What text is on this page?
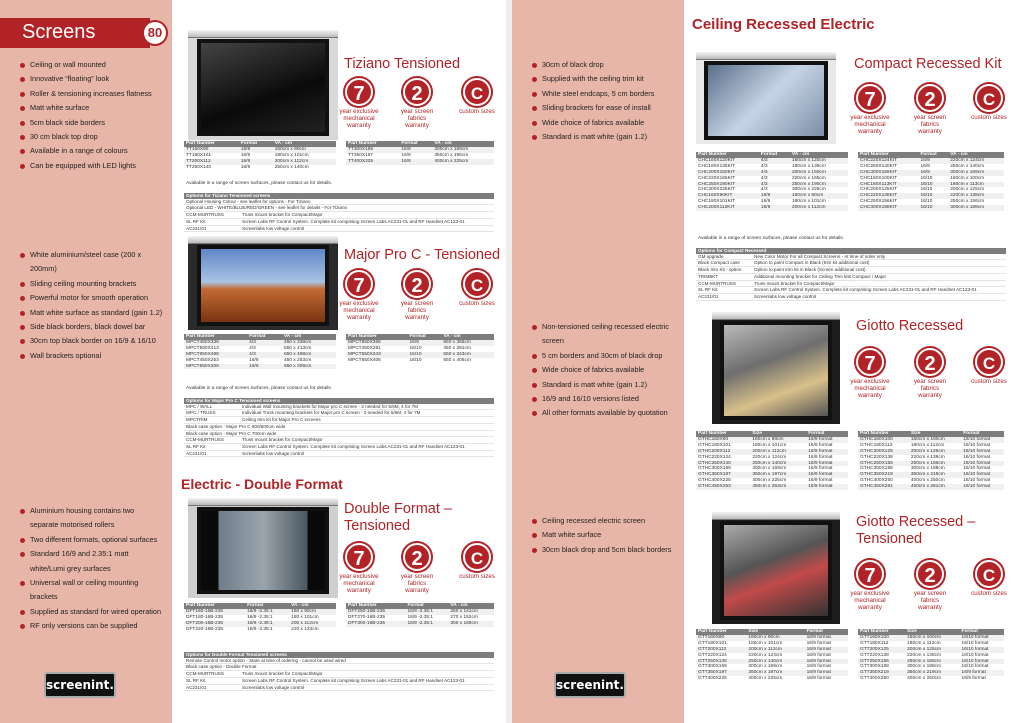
Screens	80
Ceiling or wall mounted
Innovative “floating” look
Roller & tensioning increases flatness
Matt white surface
5cm black side borders
30 cm black top drop
Available in a range of colours
Can be equipped with LED lights
White aluminium/steel case (200 x 200mm)
Sliding ceiling mounting brackets
Powerful motor for smooth operation
Matt white surface as standard (gain 1.2)
Side black borders, black dowel bar
30cm top black border on 16/9 & 16/10
Wall brackets optional
Aluminium housing contains two separate motorised rollers
Two different formats, optional surfaces
Standard 16/9 and 2.35:1 matt white/Lumi grey surfaces
Universal wall or ceiling mounting brackets
Supplied as standard for wired operation
RF only versions can be supplied
30cm of black drop
Supplied with the ceiling trim kit
White steel endcaps, 5 cm borders
Sliding brackets for ease of install
Wide choice of fabrics available
Standard is matt white (gain 1.2)
Non-tensioned ceiling recessed electric screen
5 cm borders and 30cm of black drop
Wide choice of fabrics available
Standard is matt white (gain 1.2)
16/9 and 16/10 versions listed
All other formats available by quotation
Ceiling recessed electric screen
Matt white surface
30cm black drop and 5cm black borders
screenint.	screenint.
Electric - Double Format
Ceiling Recessed Electric
Tiziano Tensioned
Major Pro C - Tensioned
Double Format – Tensioned
Compact Recessed Kit
Giotto Recessed
Giotto Recessed – Tensioned
7
year exclusive mechanical warranty
2
year screen fabrics warranty
C
custom sizes
7
year exclusive mechanical warranty
2
year screen fabrics warranty
C
custom sizes
7
year exclusive mechanical warranty
2
year screen fabrics warranty
C
custom sizes
7
year exclusive mechanical warranty
2
year screen fabrics warranty
C
custom sizes
7
year exclusive mechanical warranty
2
year screen fabrics warranty
C
custom sizes
7
year exclusive mechanical warranty
2
year screen fabrics warranty
C
custom sizes
Part Number	Format	VA - cm
TT160X90	16/9	160cm x 90cm
TT180X101	16/9	180cm x 101cm
TT200X112	16/9	200cm x 112cm
TT250X140	16/9	250cm x 140cm
Part Number	Format	VA - cm
TT300X169	16/9	300cm x 169cm
TT350X197	16/9	350cm x 196cm
TT400X225	16/9	400cm x 225cm
Available in a range of screen surfaces, please contact us for details.
Options for Tiziano Tensioned screens
Optional Housing Colour - see leaflet for options - For Tiziano
Optional LED - WHITE/BLUE/RED/GREEN - see leaflet for details - For Tiziano
CCM-MURTRUSS	Truss mount bracket for Compact/Major
SL RF Kit	Screen Labs RF Control System. Complete kit comprising Screen Labs AC231-01 and RF Handset AC123-01
AC231/01	Screenlabs low voltage control
Part Number	Format	VA - cm
MPCT450X338	4/3	450 x 338cm
MPCT550X413	4/3	550 x 413cm
MPCT650X488	4/3	650 x 488cm
MPCT450X253	16/9	450 x 253cm
MPCT550X309	16/9	550 x 309cm
Part Number	Format	VA - cm
MPCT650X366	16/9	650 x 366cm
MPCT450X281	16/10	450 x 281cm
MPCT550X343	16/10	550 x 343cm
MPCT650X406	16/10	650 x 406cm
Available in a range of screen surfaces, please contact us for details.
Options for Major Pro C Tensioned screens
MPC / WALL	Individual Wall mounting brackets for Major pro C screen - 2 needed for 5/6M, 4 for 7M
MPC / TRUSS	Individual Truss mounting brackets for Major pro C screen - 2 needed for 5/6M, 4 for 7M
MPCTRIM	Ceiling trim kit for Major Pro C screens
Black case option - Major Pro C 500/600cm wide
Black case option - Major Pro C 700cm wide
CCM-MURTRUSS	Truss mount bracket for Compact/Major
SL RF Kit	Screen Labs RF Control System. Complete kit comprising Screen Labs AC231-01 and RF Handset AC123-01
AC231/01	Screenlabs low voltage control
Part Number	Format	VA - cm
DFT160-16B-235	16/9 -2.35:1	160 x 90cm
DFT180-16B-235	16/9 -2.35:1	180 x 101cm
DFT200-16B-235	16/9 -2.35:1	200 x 112cm
DFT220-16B-235	16/9 -2.35:1	220 x 124cm
Part Number	Format	VA - cm
DFT250-16B-235	16/9 -2.35:1	250 x 141cm
DFT270-16B-235	16/9 -2.35:1	270 x 152cm
DFT300-16B-235	16/9 -2.35:1	300 x 169cm
Options for Double Format Tensioned screens
Remote Control motor option - State at time of ordering - cannot be used wired
Black case option - Double Format
CCM-MURTRUSS	Truss mount bracket for Compact/Major
SL RF Kit	Screen Labs RF Control System. Complete kit comprising Screen Labs AC231-01 and RF Handset AC123-01
AC231/01	Screenlabs low voltage control
Part Number	Format	VA - cm
CHC160X120KIT	4/3	160cm x 120cm
CHC180X135KIT	4/3	180cm x 135cm
CHC200X150KIT	4/3	200cm x 150cm
CHC220X165KIT	4/3	220cm x 165cm
CHC250X190KIT	4/3	250cm x 190cm
CHC300X225KIT	4/3	300cm x 225cm
CHC160X90KIT	16/9	160cm x 90cm
CHC180X101KIT	16/9	180cm x 101cm
CHC200X112KIT	16/9	200cm x 112cm
Part Number	Format	VA - cm
CHC220X124KIT	16/9	220cm x 124cm
CHC250X140KIT	16/9	250cm x 140cm
CHC300X169KIT	16/9	300cm x 169cm
CHC160X100KIT	16/10	160cm x 100cm
CHC180X113KIT	16/10	180cm x 113cm
CHC200X125KIT	16/10	200cm x 125cm
CHC220X138KIT	16/10	220cm x 138cm
CHC250X156KIT	16/10	250cm x 156cm
CHC300X188KIT	16/10	300cm x 188cm
Available in a range of screen surfaces, please contact us for details.
Options for Compact Recessed
GM upgrade	New Color Motor For all Compact Screens - At time of order only
Black Compact case	Option to paint Compact in Black (trim kit additional cost)
Black trim Kit - option	Option to paint trim kit in Black (Screen additional cost)
TRIMBKT	Additional mounting bracket for Ceiling Trim kits Compact / Major
CCM-MURTRUSS	Truss mount bracket for Compact/Major
SL RF Kit	Screen Labs RF Control System. Complete kit comprising Screen Labs AC231-01 and RF Handset AC123-01
AC231/01	Screenlabs low voltage control
Part Number	Size	Format
GTHC160X90	160cm x 90cm	16/9 format
GTHC180X101	180cm x 101cm	16/9 format
GTHC200X112	200cm x 112cm	16/9 format
GTHC220X124	220cm x 124cm	16/9 format
GTHC250X140	250cm x 140cm	16/9 format
GTHC300X169	300cm x 169cm	16/9 format
GTHC350X197	350cm x 197cm	16/9 format
GTHC400X225	400cm x 225cm	16/9 format
GTHC450X253	450cm x 253cm	16/9 format
Part Number	Size	Format
GTHC160X100	160cm x 100cm	16/10 format
GTHC180X113	180cm x 112cm	16/10 format
GTHC200X125	200cm x 125cm	16/10 format
GTHC220X138	220cm x 138cm	16/10 format
GTHC250X156	250cm x 156cm	16/10 format
GTHC300X188	300cm x 188cm	16/10 format
GTHC350X219	350cm x 219cm	16/10 format
GTHC400X250	400cm x 250cm	16/10 format
GTHC450X281	450cm x 281cm	16/10 format
Part Number	Size	Format
GTT160X90	160cm x 90cm	16/9 format
GTT180X101	180cm x 101cm	16/9 format
GTT200X112	200cm x 112cm	16/9 format
GTT220X124	220cm x 124cm	16/9 format
GTT250X140	250cm x 140cm	16/9 format
GTT300X169	300cm x 169cm	16/9 format
GTT350X197	350cm x 197cm	16/9 format
GTT400X225	400cm x 225cm	16/9 format
Part Number	Size	Format
GTT160X100	160cm x 100cm	16/10 format
GTT180X112	180cm x 112cm	16/10 format
GTT200X125	200cm x 125cm	16/10 format
GTT220X138	220cm x 138cm	16/10 format
GTT250X156	250cm x 156cm	16/10 format
GTT300X188	300cm x 188cm	16/10 format
GTT350X219	350cm x 219cm	16/9 format
GTT400X250	400cm x 250cm	16/9 format
